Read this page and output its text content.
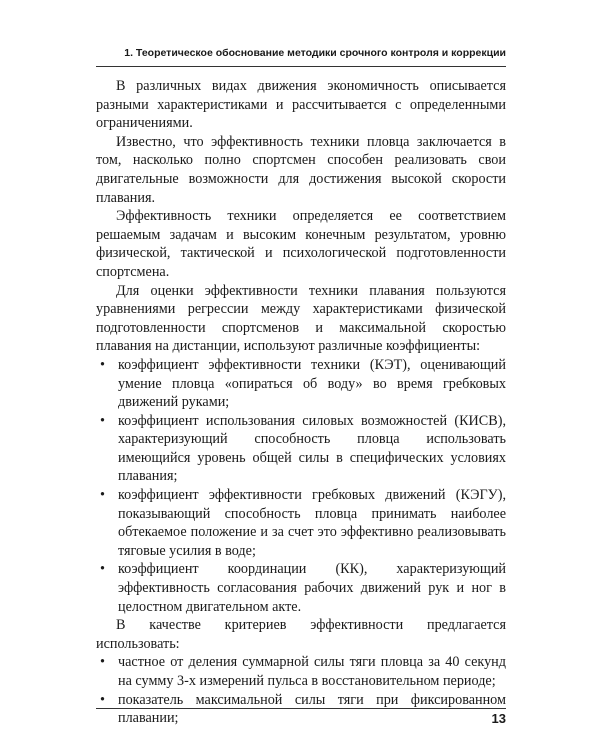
1. Теоретическое обоснование методики срочного контроля и коррекции

В различных видах движения экономичность описывается разными характеристиками и рассчитывается с определенными ограничениями.

Известно, что эффективность техники пловца заключается в том, насколько полно спортсмен способен реализовать свои двигательные возможности для достижения высокой скорости плавания.

Эффективность техники определяется ее соответствием решаемым задачам и высоким конечным результатом, уровню физической, тактической и психологической подготовленности спортсмена.

Для оценки эффективности техники плавания пользуются уравнениями регрессии между характеристиками физической подготовленности спортсменов и максимальной скоростью плавания на дистанции, используют различные коэффициенты:

• коэффициент эффективности техники (КЭТ), оценивающий умение пловца «опираться об воду» во время гребковых движений руками;
• коэффициент использования силовых возможностей (КИСВ), характеризующий способность пловца использовать имеющийся уровень общей силы в специфических условиях плавания;
• коэффициент эффективности гребковых движений (КЭГУ), показывающий способность пловца принимать наиболее обтекаемое положение и за счет это эффективно реализовывать тяговые усилия в воде;
• коэффициент координации (КК), характеризующий эффективность согласования рабочих движений рук и ног в целостном двигательном акте.

В качестве критериев эффективности предлагается использовать:

• частное от деления суммарной силы тяги пловца за 40 секунд на сумму 3-х измерений пульса в восстановительном периоде;
• показатель максимальной силы тяги при фиксированном плавании;	13
